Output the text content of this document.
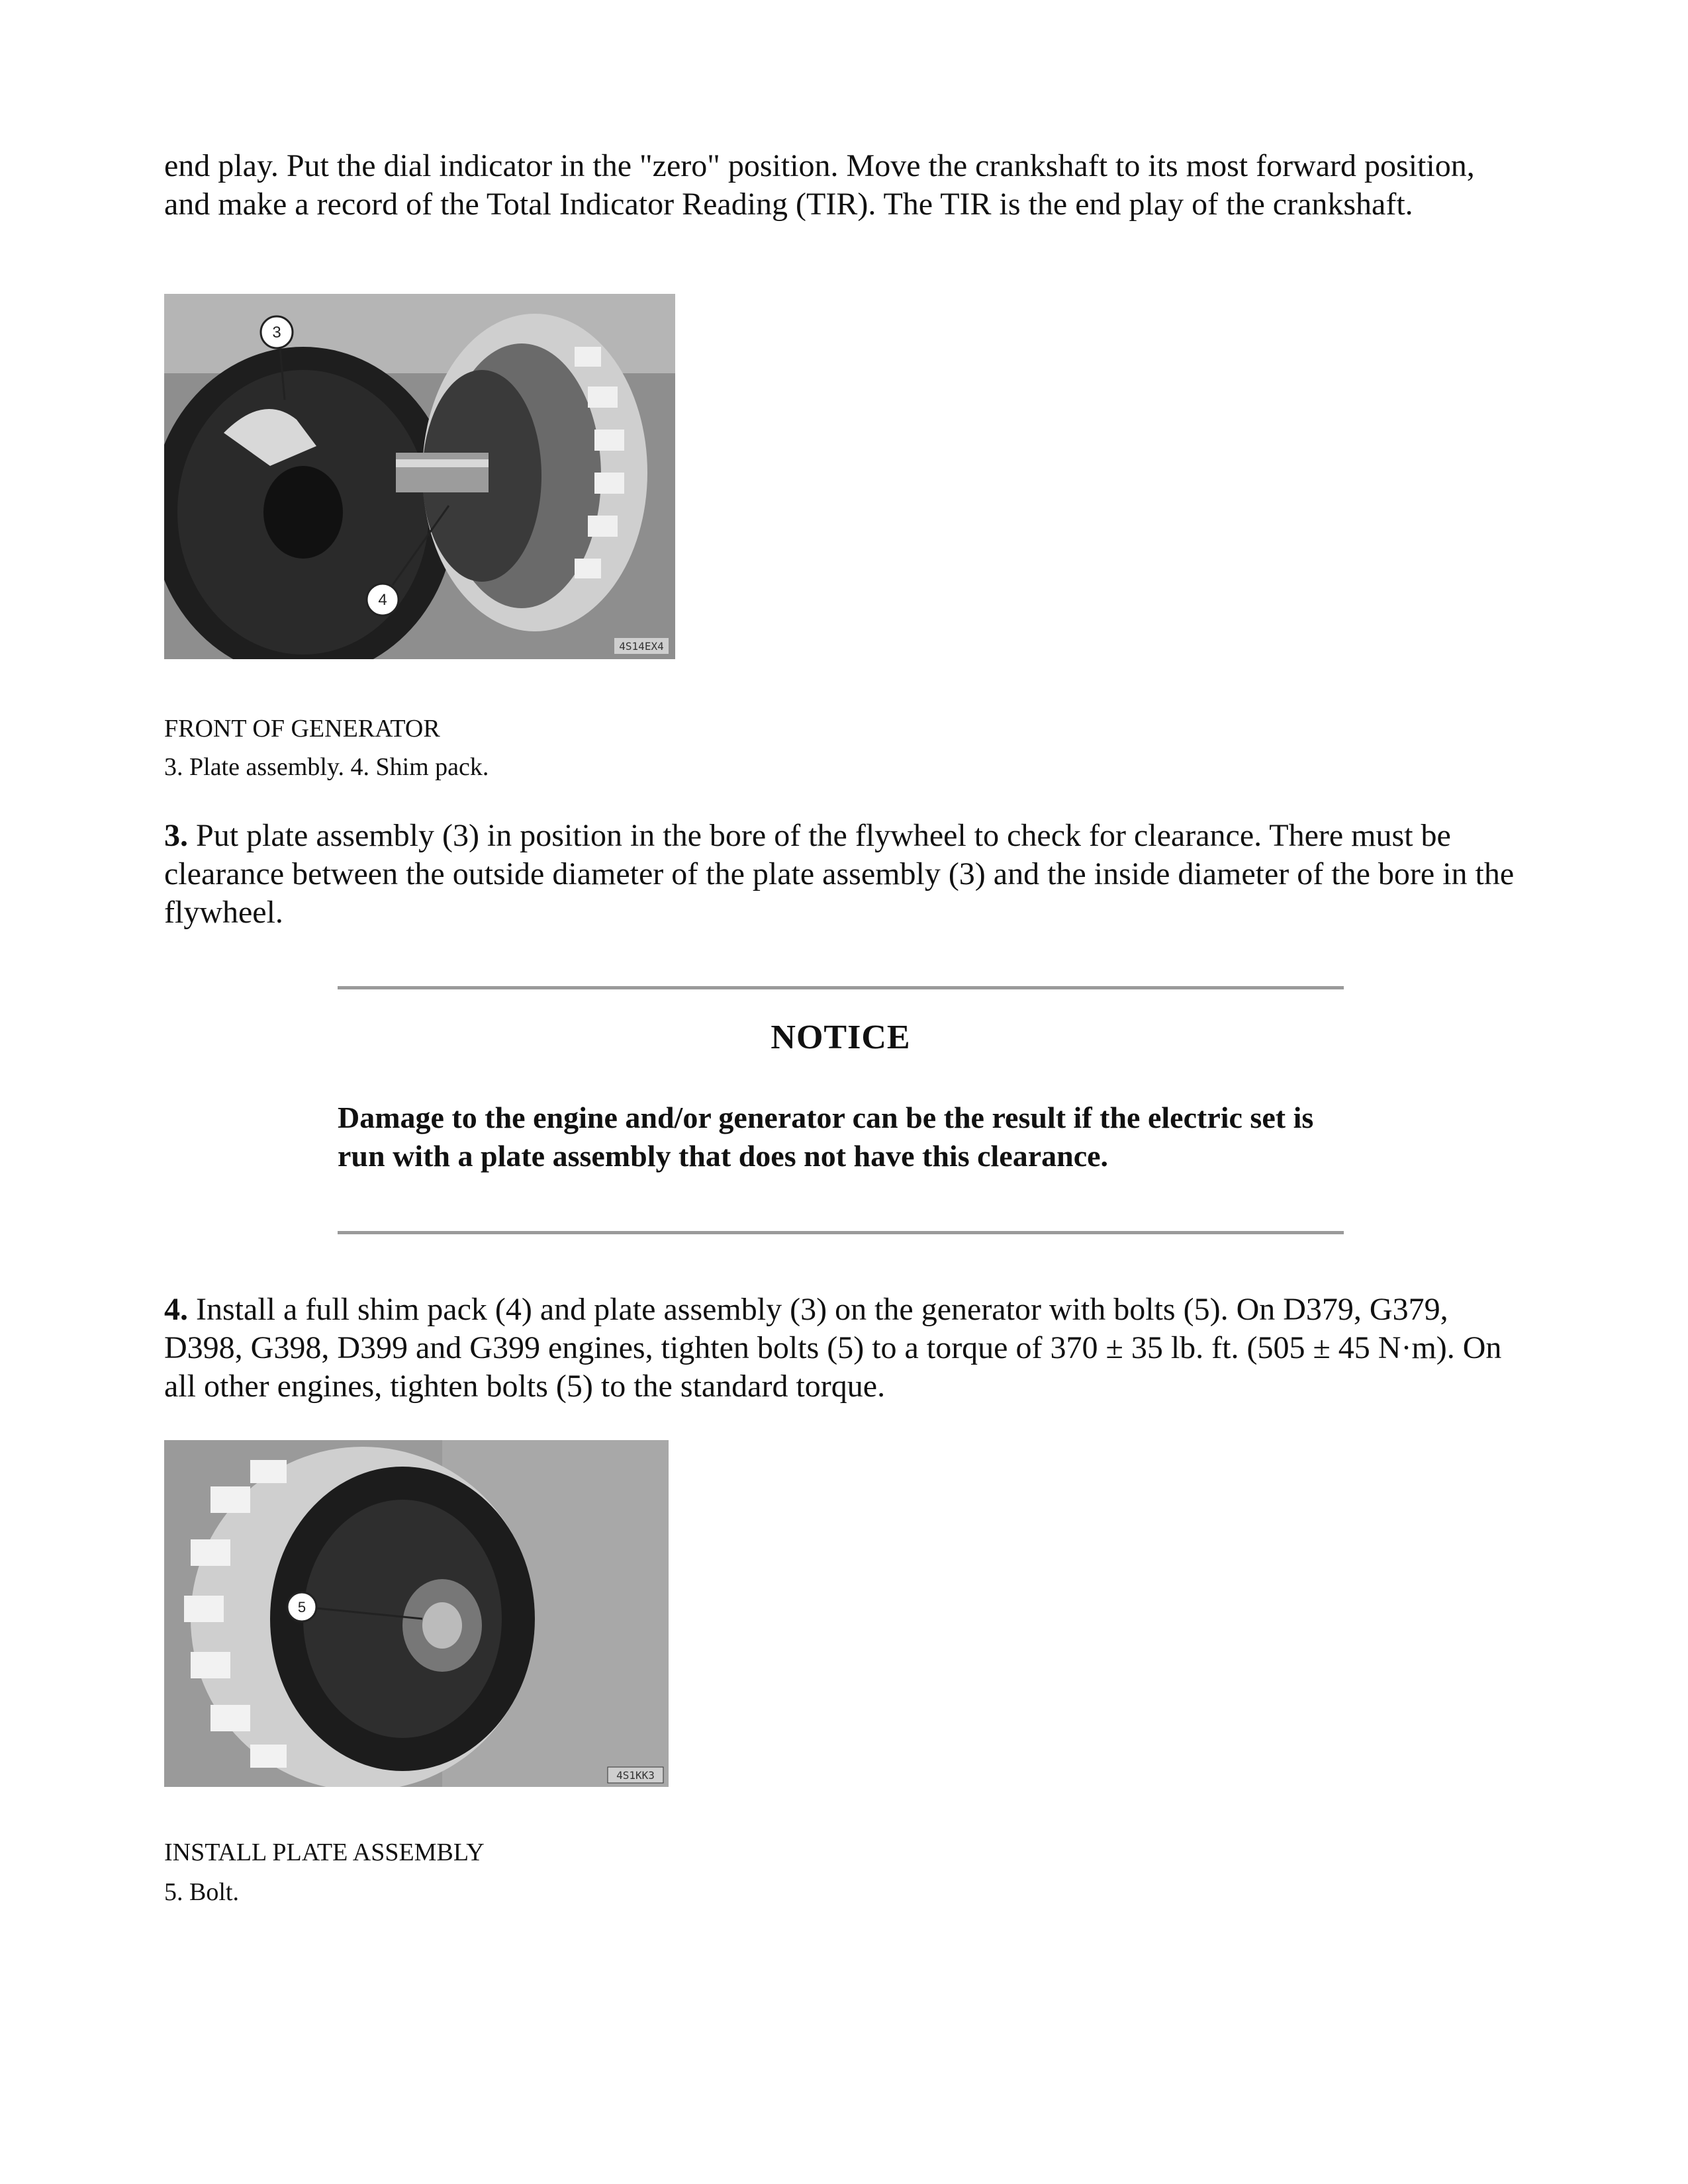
end play. Put the dial indicator in the "zero" position. Move the crankshaft to its most forward position, and make a record of the Total Indicator Reading (TIR). The TIR is the end play of the crankshaft.

3
4
4S14EX4

FRONT OF GENERATOR

3. Plate assembly. 4. Shim pack.

3. Put plate assembly (3) in position in the bore of the flywheel to check for clearance. There must be clearance between the outside diameter of the plate assembly (3) and the inside diameter of the bore in the flywheel.

NOTICE

Damage to the engine and/or generator can be the result if the electric set is run with a plate assembly that does not have this clearance.

4. Install a full shim pack (4) and plate assembly (3) on the generator with bolts (5). On D379, G379, D398, G398, D399 and G399 engines, tighten bolts (5) to a torque of 370 ± 35 lb. ft. (505 ± 45 N·m). On all other engines, tighten bolts (5) to the standard torque.

5
4S1KK3

INSTALL PLATE ASSEMBLY

5. Bolt.
